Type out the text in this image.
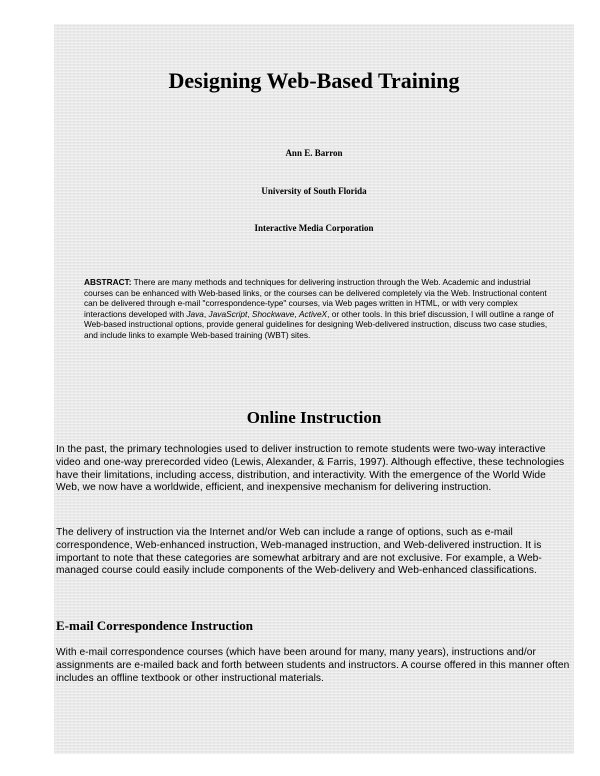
Designing Web-Based Training

Ann E. Barron

University of South Florida

Interactive Media Corporation

ABSTRACT: There are many methods and techniques for delivering instruction through the Web. Academic and industrial courses can be enhanced with Web-based links, or the courses can be delivered completely via the Web. Instructional content can be delivered through e-mail "correspondence-type" courses, via Web pages written in HTML, or with very complex interactions developed with Java, JavaScript, Shockwave, ActiveX, or other tools. In this brief discussion, I will outline a range of Web-based instructional options, provide general guidelines for designing Web-delivered instruction, discuss two case studies, and include links to example Web-based training (WBT) sites.

Online Instruction

In the past, the primary technologies used to deliver instruction to remote students were two-way interactive video and one-way prerecorded video (Lewis, Alexander, & Farris, 1997). Although effective, these technologies have their limitations, including access, distribution, and interactivity. With the emergence of the World Wide Web, we now have a worldwide, efficient, and inexpensive mechanism for delivering instruction.

The delivery of instruction via the Internet and/or Web can include a range of options, such as e-mail correspondence, Web-enhanced instruction, Web-managed instruction, and Web-delivered instruction. It is important to note that these categories are somewhat arbitrary and are not exclusive. For example, a Web-managed course could easily include components of the Web-delivery and Web-enhanced classifications.

E-mail Correspondence Instruction

With e-mail correspondence courses (which have been around for many, many years), instructions and/or assignments are e-mailed back and forth between students and instructors. A course offered in this manner often includes an offline textbook or other instructional materials.
